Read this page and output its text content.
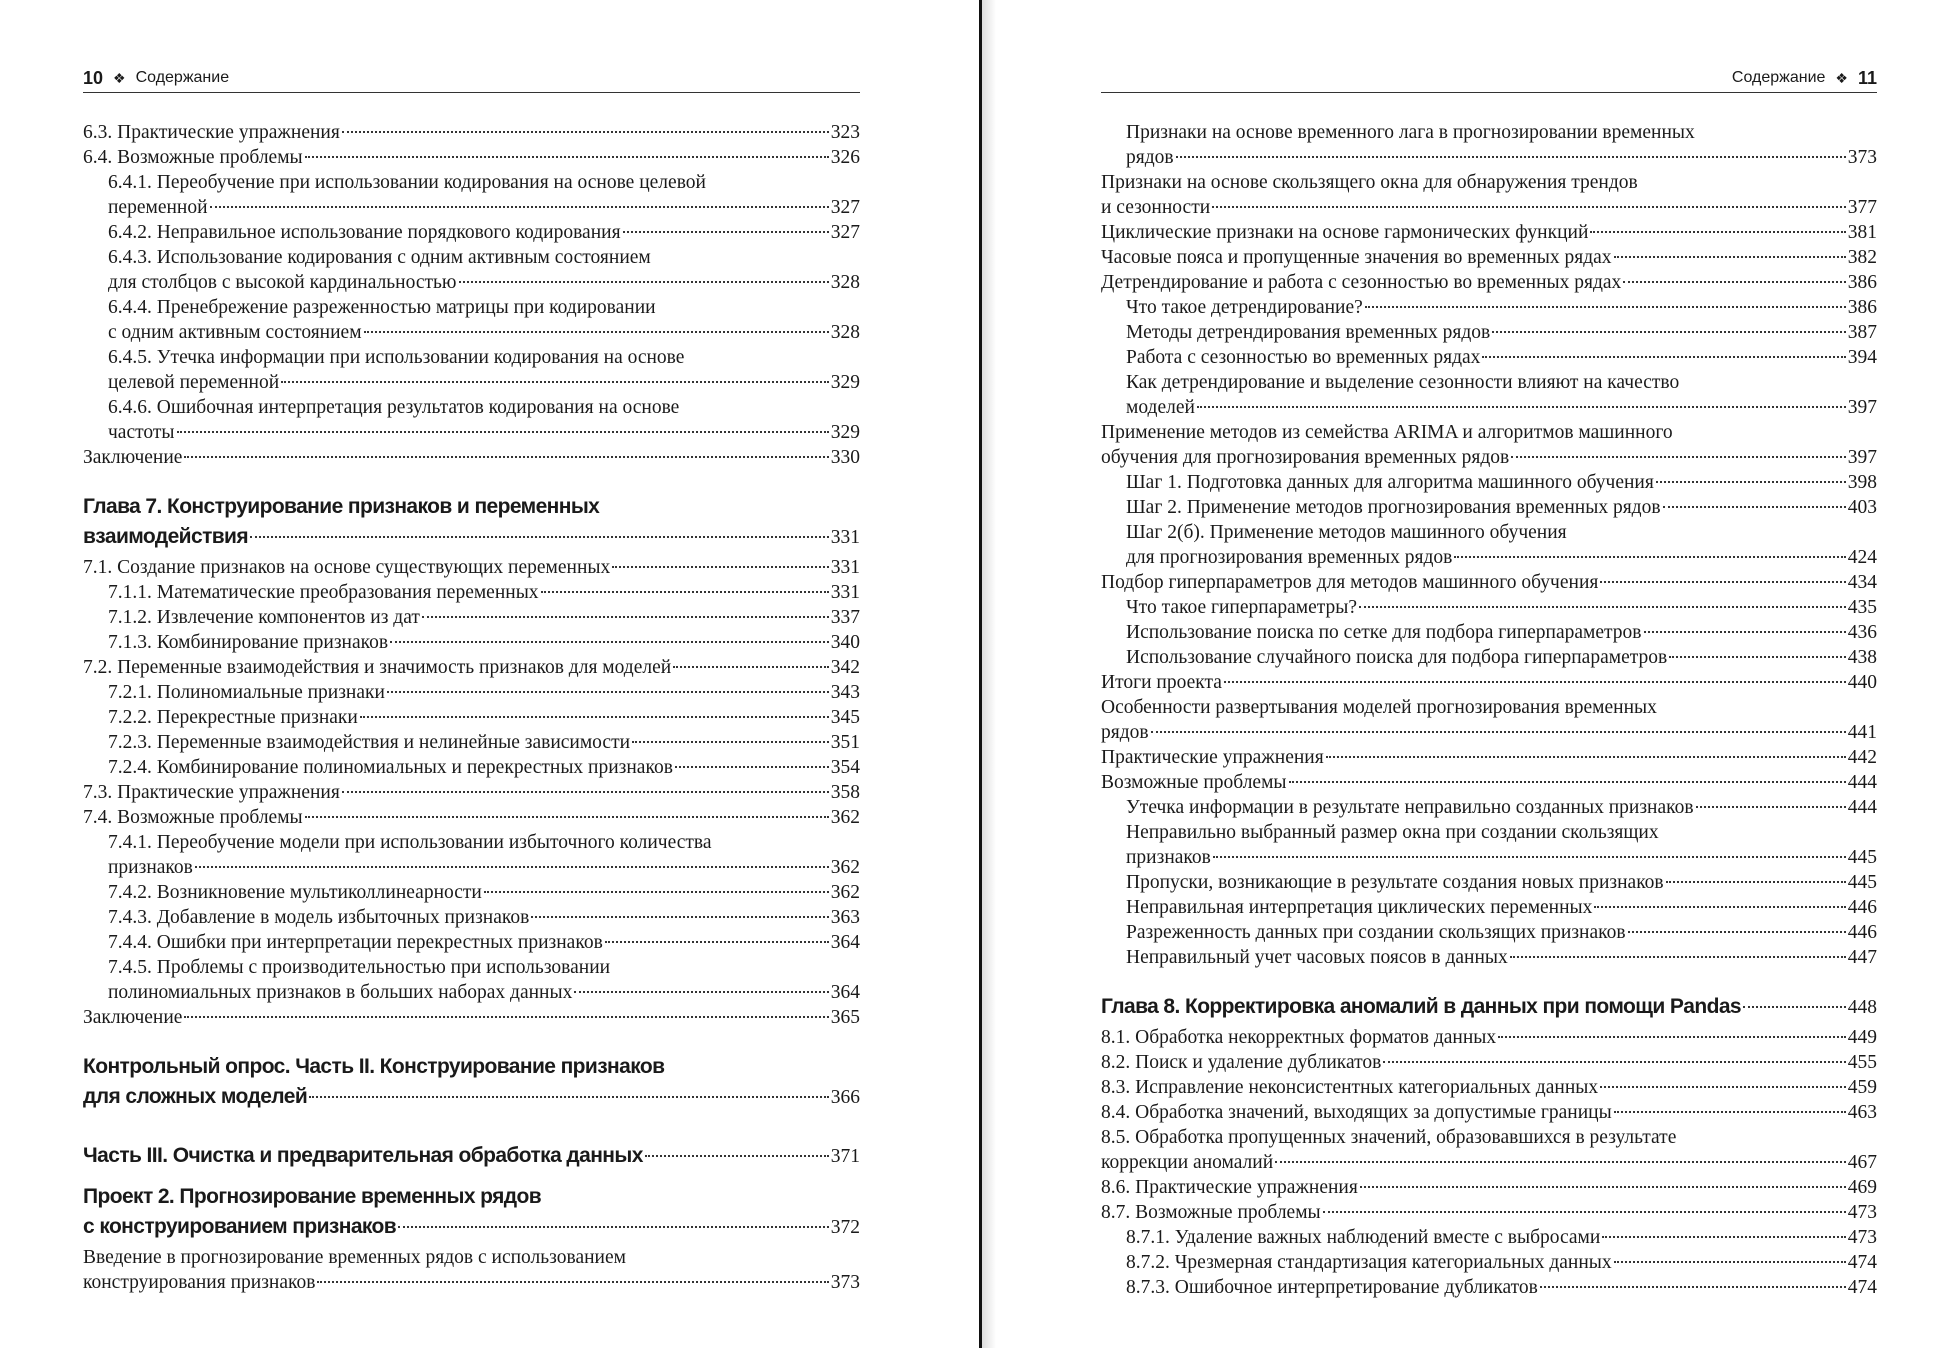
10 ❖ Содержание
6.3. Практические упражнения	323
6.4. Возможные проблемы	326
6.4.1. Переобучение при использовании кодирования на основе целевой
переменной	327
6.4.2. Неправильное использование порядкового кодирования	327
6.4.3. Использование кодирования с одним активным состоянием
для столбцов с высокой кардинальностью	328
6.4.4. Пренебрежение разреженностью матрицы при кодировании
с одним активным состоянием	328
6.4.5. Утечка информации при использовании кодирования на основе
целевой переменной	329
6.4.6. Ошибочная интерпретация результатов кодирования на основе
частоты	329
Заключение	330
Глава 7. Конструирование признаков и переменных
взаимодействия	331
7.1. Создание признаков на основе существующих переменных	331
7.1.1. Математические преобразования переменных	331
7.1.2. Извлечение компонентов из дат	337
7.1.3. Комбинирование признаков	340
7.2. Переменные взаимодействия и значимость признаков для моделей	342
7.2.1. Полиномиальные признаки	343
7.2.2. Перекрестные признаки	345
7.2.3. Переменные взаимодействия и нелинейные зависимости	351
7.2.4. Комбинирование полиномиальных и перекрестных признаков	354
7.3. Практические упражнения	358
7.4. Возможные проблемы	362
7.4.1. Переобучение модели при использовании избыточного количества
признаков	362
7.4.2. Возникновение мультиколлинеарности	362
7.4.3. Добавление в модель избыточных признаков	363
7.4.4. Ошибки при интерпретации перекрестных признаков	364
7.4.5. Проблемы с производительностью при использовании
полиномиальных признаков в больших наборах данных	364
Заключение	365
Контрольный опрос. Часть II. Конструирование признаков
для сложных моделей	366
Часть III. Очистка и предварительная обработка данных	371
Проект 2. Прогнозирование временных рядов
с конструированием признаков	372
Введение в прогнозирование временных рядов с использованием
конструирования признаков	373
Содержание ❖ 11
Признаки на основе временного лага в прогнозировании временных
рядов	373
Признаки на основе скользящего окна для обнаружения трендов
и сезонности	377
Циклические признаки на основе гармонических функций	381
Часовые пояса и пропущенные значения во временных рядах	382
Детрендирование и работа с сезонностью во временных рядах	386
Что такое детрендирование?	386
Методы детрендирования временных рядов	387
Работа с сезонностью во временных рядах	394
Как детрендирование и выделение сезонности влияют на качество
моделей	397
Применение методов из семейства ARIMA и алгоритмов машинного
обучения для прогнозирования временных рядов	397
Шаг 1. Подготовка данных для алгоритма машинного обучения	398
Шаг 2. Применение методов прогнозирования временных рядов	403
Шаг 2(б). Применение методов машинного обучения
для прогнозирования временных рядов	424
Подбор гиперпараметров для методов машинного обучения	434
Что такое гиперпараметры?	435
Использование поиска по сетке для подбора гиперпараметров	436
Использование случайного поиска для подбора гиперпараметров	438
Итоги проекта	440
Особенности развертывания моделей прогнозирования временных
рядов	441
Практические упражнения	442
Возможные проблемы	444
Утечка информации в результате неправильно созданных признаков	444
Неправильно выбранный размер окна при создании скользящих
признаков	445
Пропуски, возникающие в результате создания новых признаков	445
Неправильная интерпретация циклических переменных	446
Разреженность данных при создании скользящих признаков	446
Неправильный учет часовых поясов в данных	447
Глава 8. Корректировка аномалий в данных при помощи Pandas	448
8.1. Обработка некорректных форматов данных	449
8.2. Поиск и удаление дубликатов	455
8.3. Исправление неконсистентных категориальных данных	459
8.4. Обработка значений, выходящих за допустимые границы	463
8.5. Обработка пропущенных значений, образовавшихся в результате
коррекции аномалий	467
8.6. Практические упражнения	469
8.7. Возможные проблемы	473
8.7.1. Удаление важных наблюдений вместе с выбросами	473
8.7.2. Чрезмерная стандартизация категориальных данных	474
8.7.3. Ошибочное интерпретирование дубликатов	474
